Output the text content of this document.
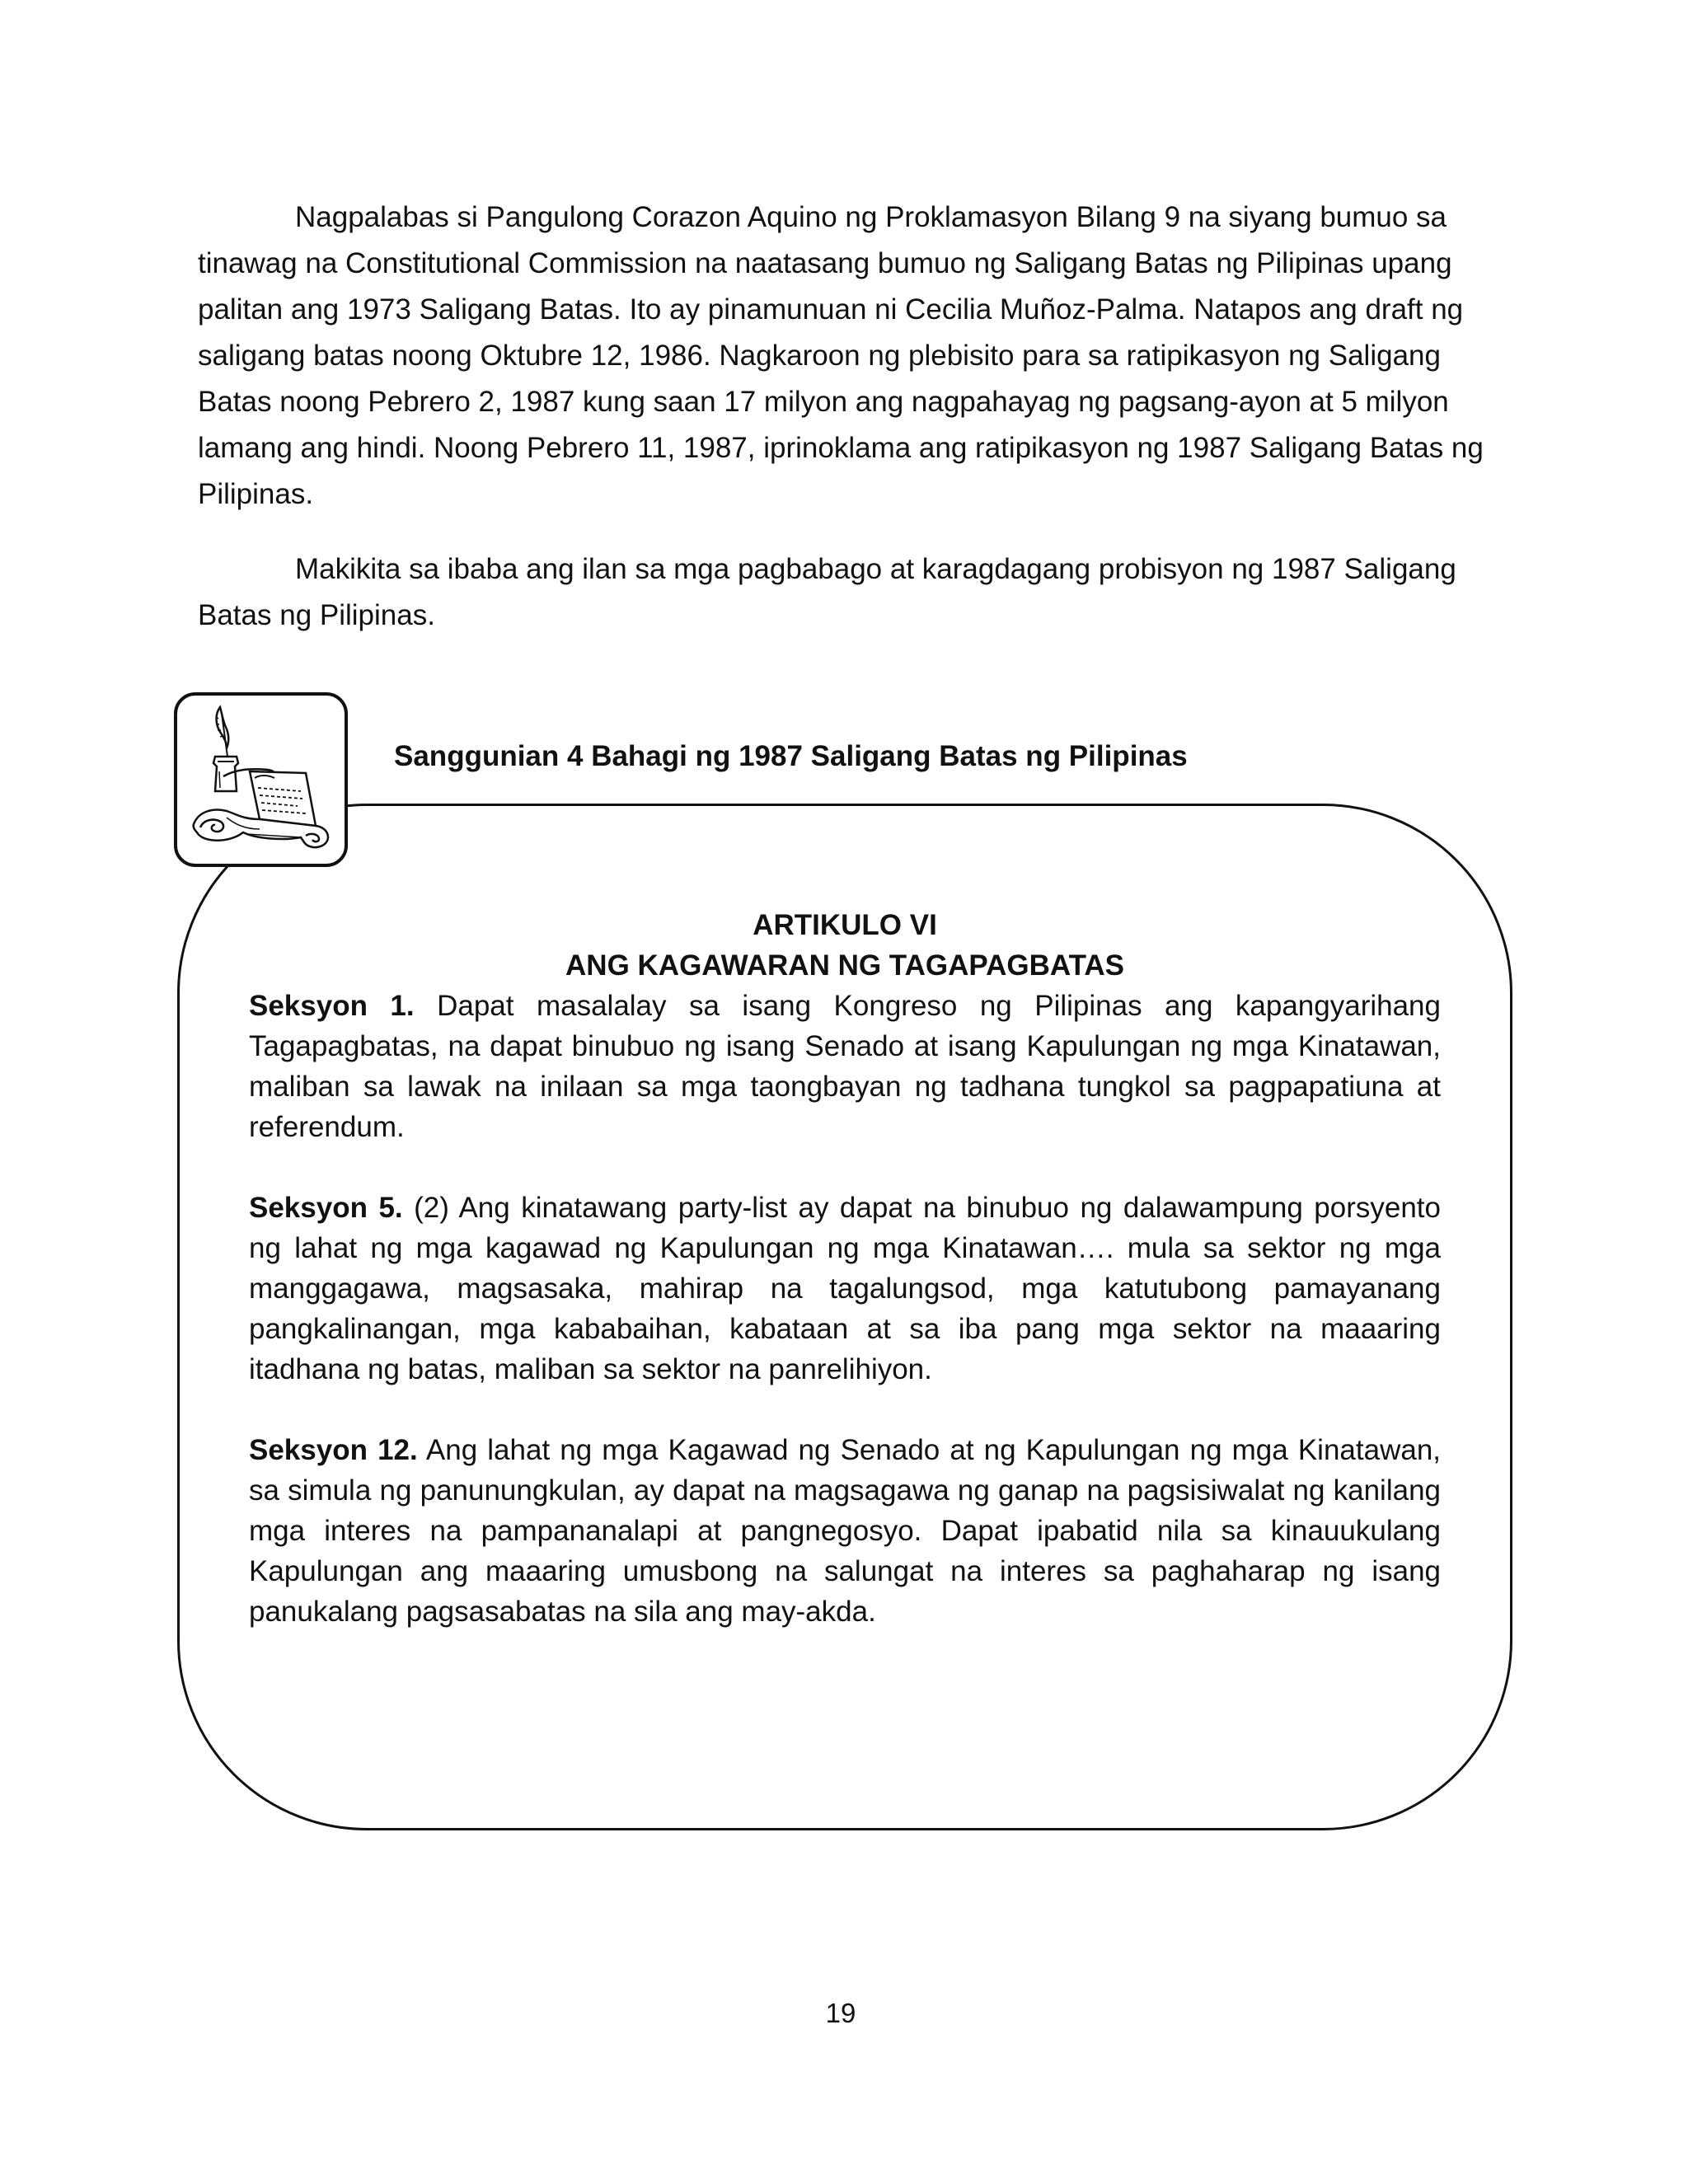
Nagpalabas si Pangulong Corazon Aquino ng Proklamasyon Bilang 9 na siyang bumuo sa tinawag na Constitutional Commission na naatasang bumuo ng Saligang Batas ng Pilipinas upang palitan ang 1973 Saligang Batas. Ito ay pinamunuan ni Cecilia Muñoz-Palma. Natapos ang draft ng saligang batas noong Oktubre 12, 1986. Nagkaroon ng plebisito para sa ratipikasyon ng Saligang Batas noong Pebrero 2, 1987 kung saan 17 milyon ang nagpahayag ng pagsang-ayon at 5 milyon lamang ang hindi. Noong Pebrero 11, 1987, iprinoklama ang ratipikasyon ng 1987 Saligang Batas ng Pilipinas.

Makikita sa ibaba ang ilan sa mga pagbabago at karagdagang probisyon ng 1987 Saligang Batas ng Pilipinas.

Sanggunian 4 Bahagi ng 1987 Saligang Batas ng Pilipinas
ARTIKULO VI
ANG KAGAWARAN NG TAGAPAGBATAS

Seksyon 1. Dapat masalalay sa isang Kongreso ng Pilipinas ang kapangyarihang Tagapagbatas, na dapat binubuo ng isang Senado at isang Kapulungan ng mga Kinatawan, maliban sa lawak na inilaan sa mga taongbayan ng tadhana tungkol sa pagpapatiuna at referendum.

Seksyon 5. (2) Ang kinatawang party-list ay dapat na binubuo ng dalawampung porsyento ng lahat ng mga kagawad ng Kapulungan ng mga Kinatawan…. mula sa sektor ng mga manggagawa, magsasaka, mahirap na tagalungsod, mga katutubong pamayanang pangkalinangan, mga kababaihan, kabataan at sa iba pang mga sektor na maaaring itadhana ng batas, maliban sa sektor na panrelihiyon.

Seksyon 12. Ang lahat ng mga Kagawad ng Senado at ng Kapulungan ng mga Kinatawan, sa simula ng panunungkulan, ay dapat na magsagawa ng ganap na pagsisiwalat ng kanilang mga interes na pampananalapi at pangnegosyo. Dapat ipabatid nila sa kinauukulang Kapulungan ang maaaring umusbong na salungat na interes sa paghaharap ng isang panukalang pagsasabatas na sila ang may-akda.

19
